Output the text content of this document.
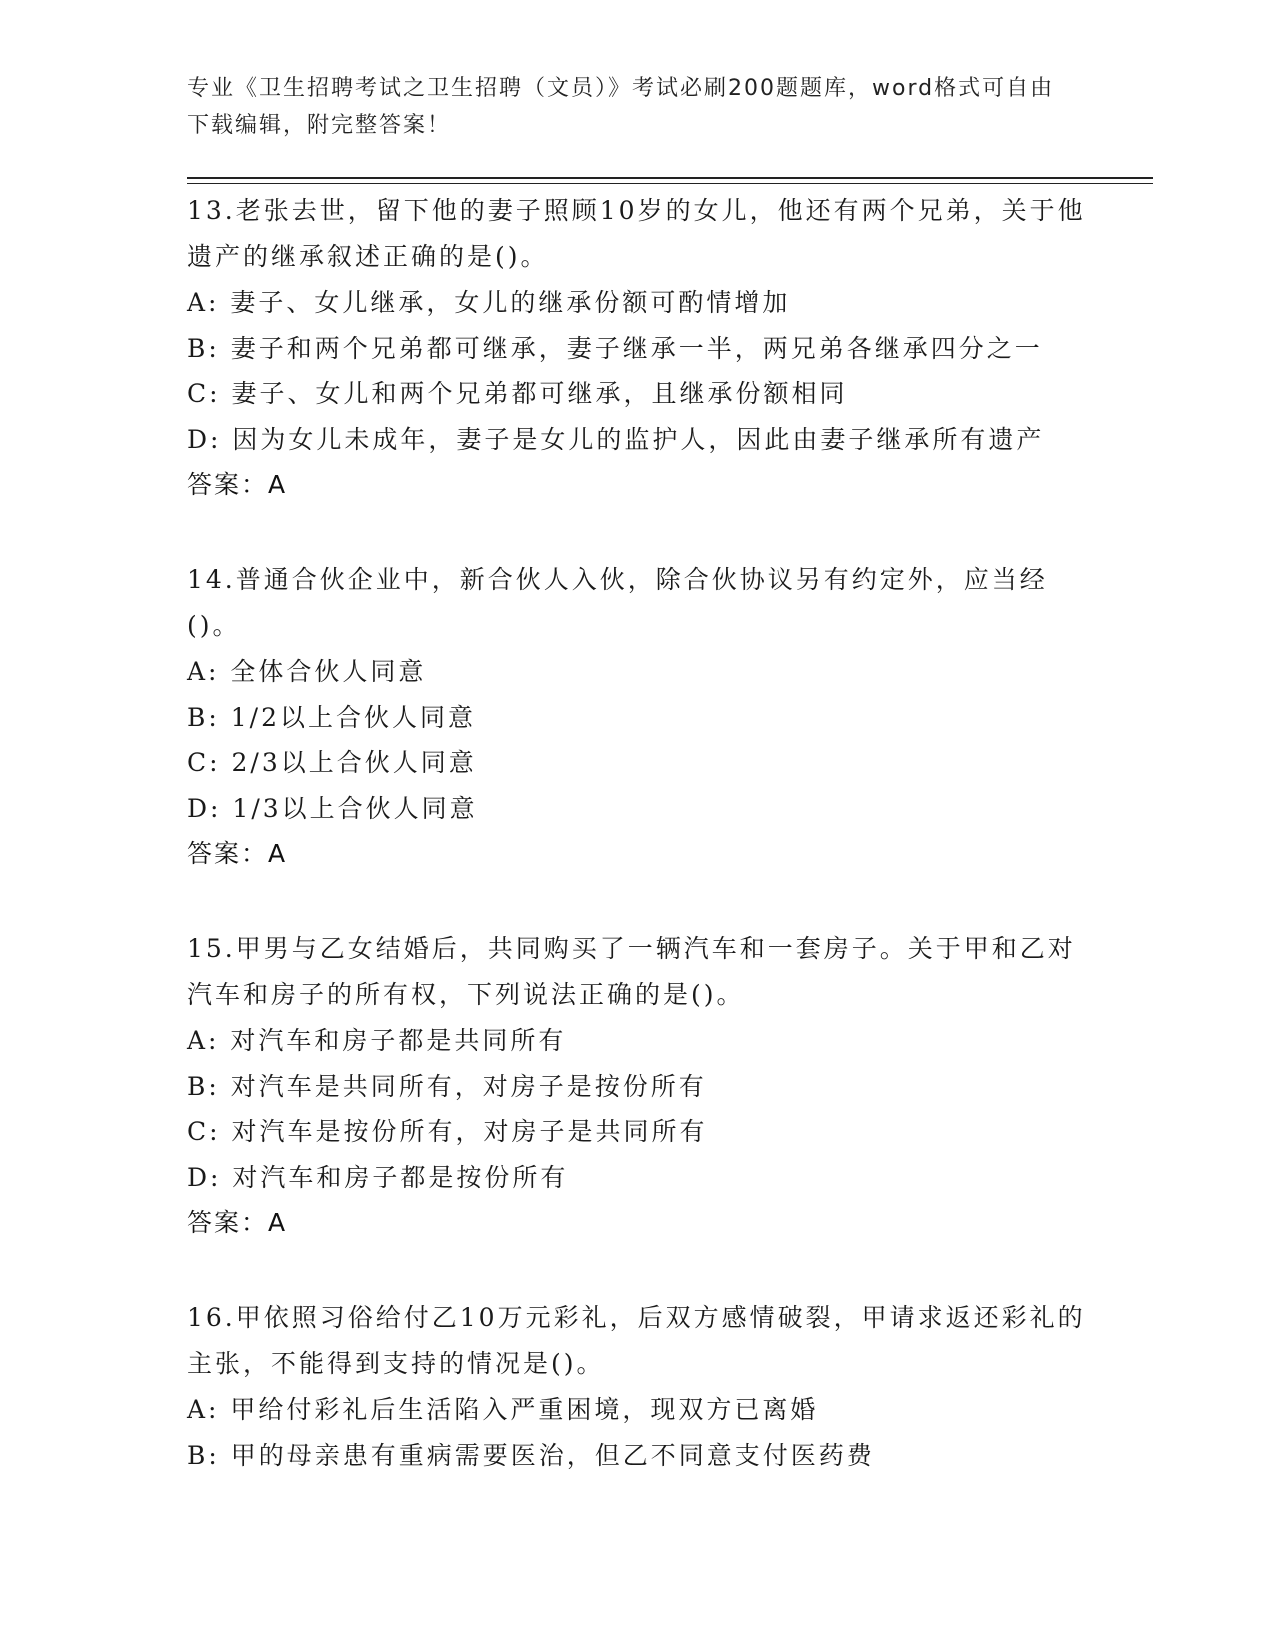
专业《卫生招聘考试之卫生招聘（文员）》考试必刷200题题库，word格式可自由下载编辑，附完整答案！

13.老张去世，留下他的妻子照顾10岁的女儿，他还有两个兄弟，关于他遗产的继承叙述正确的是()。

A: 妻子、女儿继承，女儿的继承份额可酌情增加

B: 妻子和两个兄弟都可继承，妻子继承一半，两兄弟各继承四分之一

C: 妻子、女儿和两个兄弟都可继承，且继承份额相同

D: 因为女儿未成年，妻子是女儿的监护人，因此由妻子继承所有遗产

答案：A

14.普通合伙企业中，新合伙人入伙，除合伙协议另有约定外，应当经()。

A: 全体合伙人同意

B: 1/2以上合伙人同意

C: 2/3以上合伙人同意

D: 1/3以上合伙人同意

答案：A

15.甲男与乙女结婚后，共同购买了一辆汽车和一套房子。关于甲和乙对汽车和房子的所有权，下列说法正确的是()。

A: 对汽车和房子都是共同所有

B: 对汽车是共同所有，对房子是按份所有

C: 对汽车是按份所有，对房子是共同所有

D: 对汽车和房子都是按份所有

答案：A

16.甲依照习俗给付乙10万元彩礼，后双方感情破裂，甲请求返还彩礼的主张，不能得到支持的情况是()。

A: 甲给付彩礼后生活陷入严重困境，现双方已离婚

B: 甲的母亲患有重病需要医治，但乙不同意支付医药费
